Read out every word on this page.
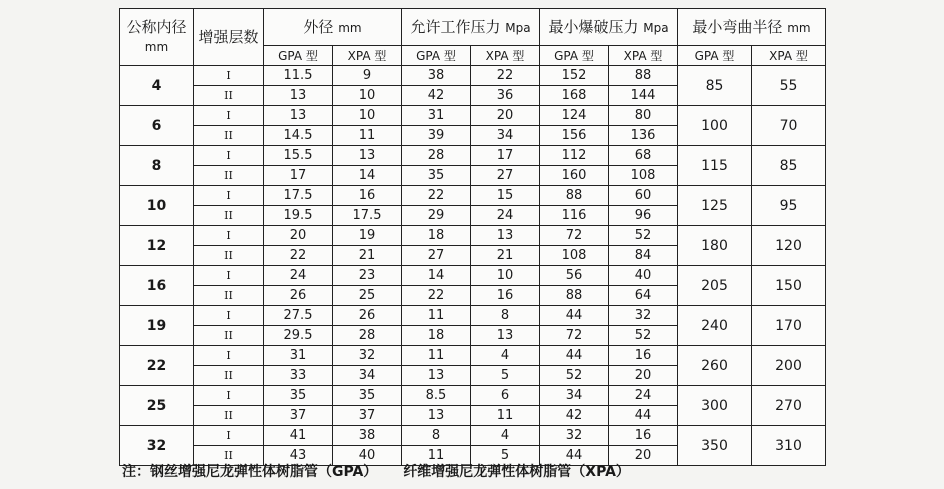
公称内径
mm	增强层数	外径 mm		允许工作压力 Mpa		最小爆破压力 Mpa		最小弯曲半径 mm	
		GPA 型	XPA 型	GPA 型	XPA 型	GPA 型	XPA 型	GPA 型	XPA 型
4	I	11.5	9	38	22	152	88	85	55
	II	13	10	42	36	168	144		
6	I	13	10	31	20	124	80	100	70
	II	14.5	11	39	34	156	136		
8	I	15.5	13	28	17	112	68	115	85
	II	17	14	35	27	160	108		
10	I	17.5	16	22	15	88	60	125	95
	II	19.5	17.5	29	24	116	96		
12	I	20	19	18	13	72	52	180	120
	II	22	21	27	21	108	84		
16	I	24	23	14	10	56	40	205	150
	II	26	25	22	16	88	64		
19	I	27.5	26	11	8	44	32	240	170
	II	29.5	28	18	13	72	52		
22	I	31	32	11	4	44	16	260	200
	II	33	34	13	5	52	20		
25	I	35	35	8.5	6	34	24	300	270
	II	37	37	13	11	42	44		
32	I	41	38	8	4	32	16	350	310
	II	43	40	11	5	44	20		
注：钢丝增强尼龙弹性体树脂管（GPA） 纤维增强尼龙弹性体树脂管（XPA）
